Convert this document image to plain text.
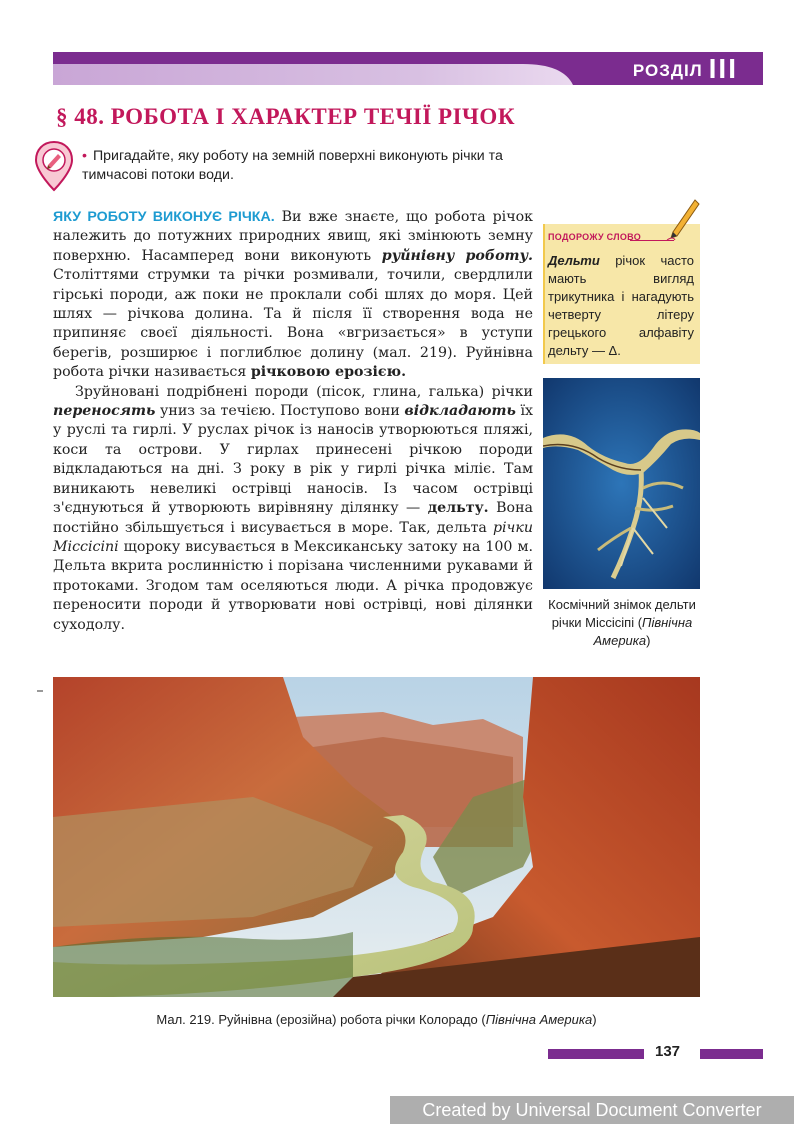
РОЗДІЛ III
§ 48. РОБОТА І ХАРАКТЕР ТЕЧІЇ РІЧОК
• Пригадайте, яку роботу на земній поверхні виконують річки та тимчасові потоки води.

ЯКУ РОБОТУ ВИКОНУЄ РІЧКА. Ви вже знаєте, що робота річок належить до потужних природних явищ, які змінюють земну поверхню. Насамперед вони виконують руйнівну роботу. Століттями струмки та річки розмивали, точили, свердлили гірські породи, аж поки не проклали собі шлях до моря. Цей шлях — річкова долина. Та й після її створення вода не припиняє своєї діяльності. Вона «вгризається» в уступи берегів, розширює і поглиблює долину (мал. 219). Руйнівна робота річки називається річковою ерозією.

Зруйновані подрібнені породи (пісок, глина, галька) річки переносять униз за течією. Поступово вони відкладають їх у руслі та гирлі. У руслах річок із наносів утворюються пляжі, коси та острови. У гирлах принесені річкою породи відкладаються на дні. З року в рік у гирлі річка міліє. Там виникають невеликі острівці наносів. Із часом острівці з'єднуються й утворюють вирівняну ділянку — дельту. Вона постійно збільшується і висувається в море. Так, дельта річки Міссісіпі щороку висувається в Мексиканську затоку на 100 м. Дельта вкрита рослинністю і порізана численними рукавами й протоками. Згодом там оселяються люди. А річка продовжує переносити породи й утворювати нові острівці, нові ділянки суходолу.

ПОДОРОЖУ СЛОВО
Дельти річок часто мають вигляд трикутника і нагадують четверту літеру грецького алфавіту дельту — Δ.
Космічний знімок дельти річки Міссісіпі (Північна Америка)
Мал. 219. Руйнівна (ерозійна) робота річки Колорадо (Північна Америка)
137
Created by Universal Document Converter
